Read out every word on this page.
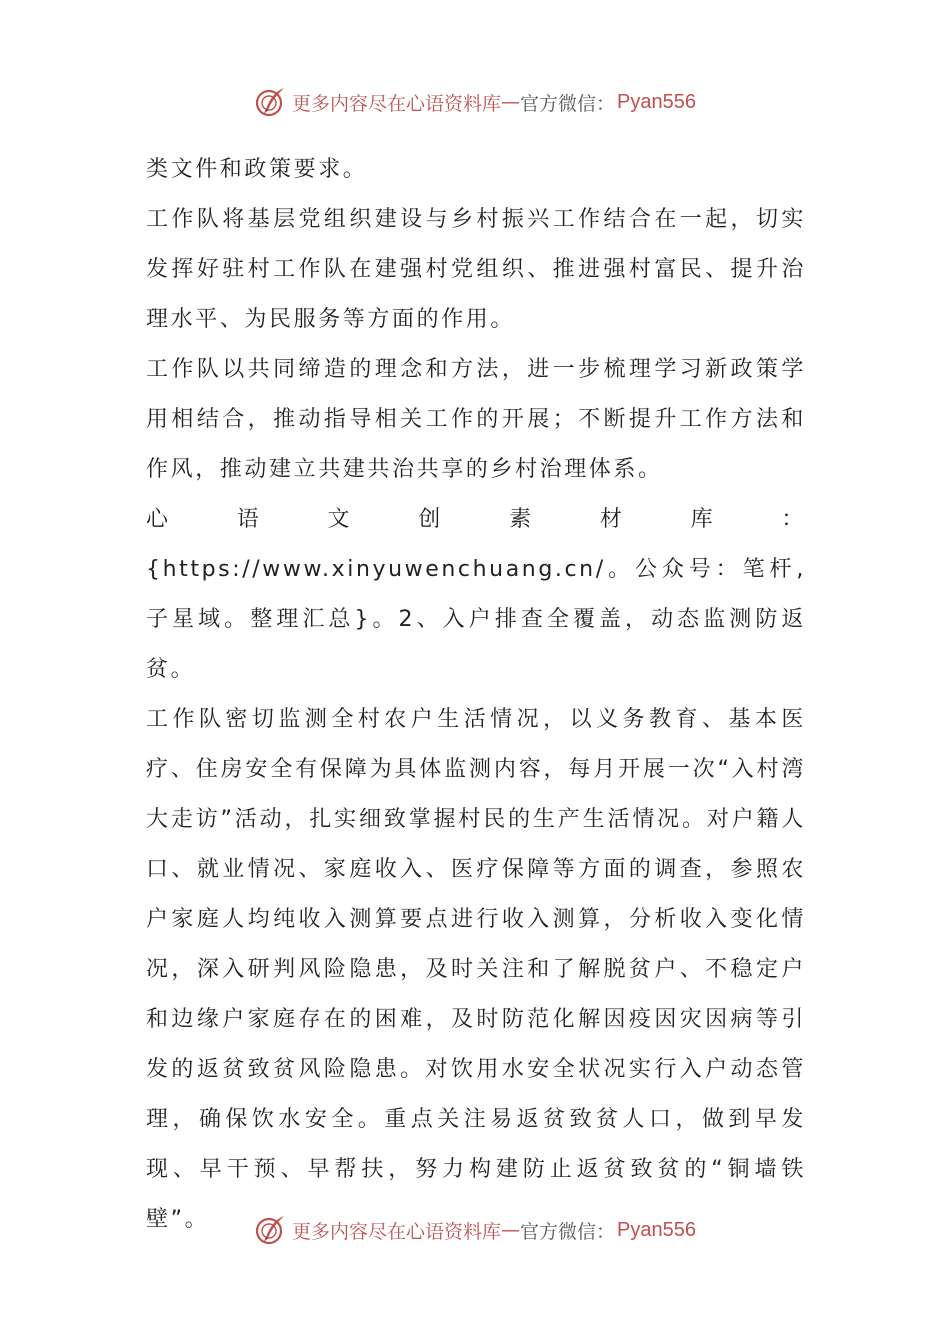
更多内容尽在心语资料库 — 官方微信： Pyan556

类文件和政策要求。

工作队将基层党组织建设与乡村振兴工作结合在一起，切实发挥好驻村工作队在建强村党组织、推进强村富民、提升治理水平、为民服务等方面的作用。

工作队以共同缔造的理念和方法，进一步梳理学习新政策学用相结合，推动指导相关工作的开展；不断提升工作方法和作风，推动建立共建共治共享的乡村治理体系。

心语文创素材库：{https://www.xinyuwenchuang.cn/。公众号：笔杆,子星域。整理汇总}。2、入户排查全覆盖，动态监测防返贫。

工作队密切监测全村农户生活情况，以义务教育、基本医疗、住房安全有保障为具体监测内容，每月开展一次“入村湾大走访”活动，扎实细致掌握村民的生产生活情况。对户籍人口、就业情况、家庭收入、医疗保障等方面的调查，参照农户家庭人均纯收入测算要点进行收入测算，分析收入变化情况，深入研判风险隐患，及时关注和了解脱贫户、不稳定户和边缘户家庭存在的困难，及时防范化解因疫因灾因病等引发的返贫致贫风险隐患。对饮用水安全状况实行入户动态管理，确保饮水安全。重点关注易返贫致贫人口，做到早发现、早干预、早帮扶，努力构建防止返贫致贫的“铜墙铁壁”。	更多内容尽在心语资料库 — 官方微信： Pyan556
